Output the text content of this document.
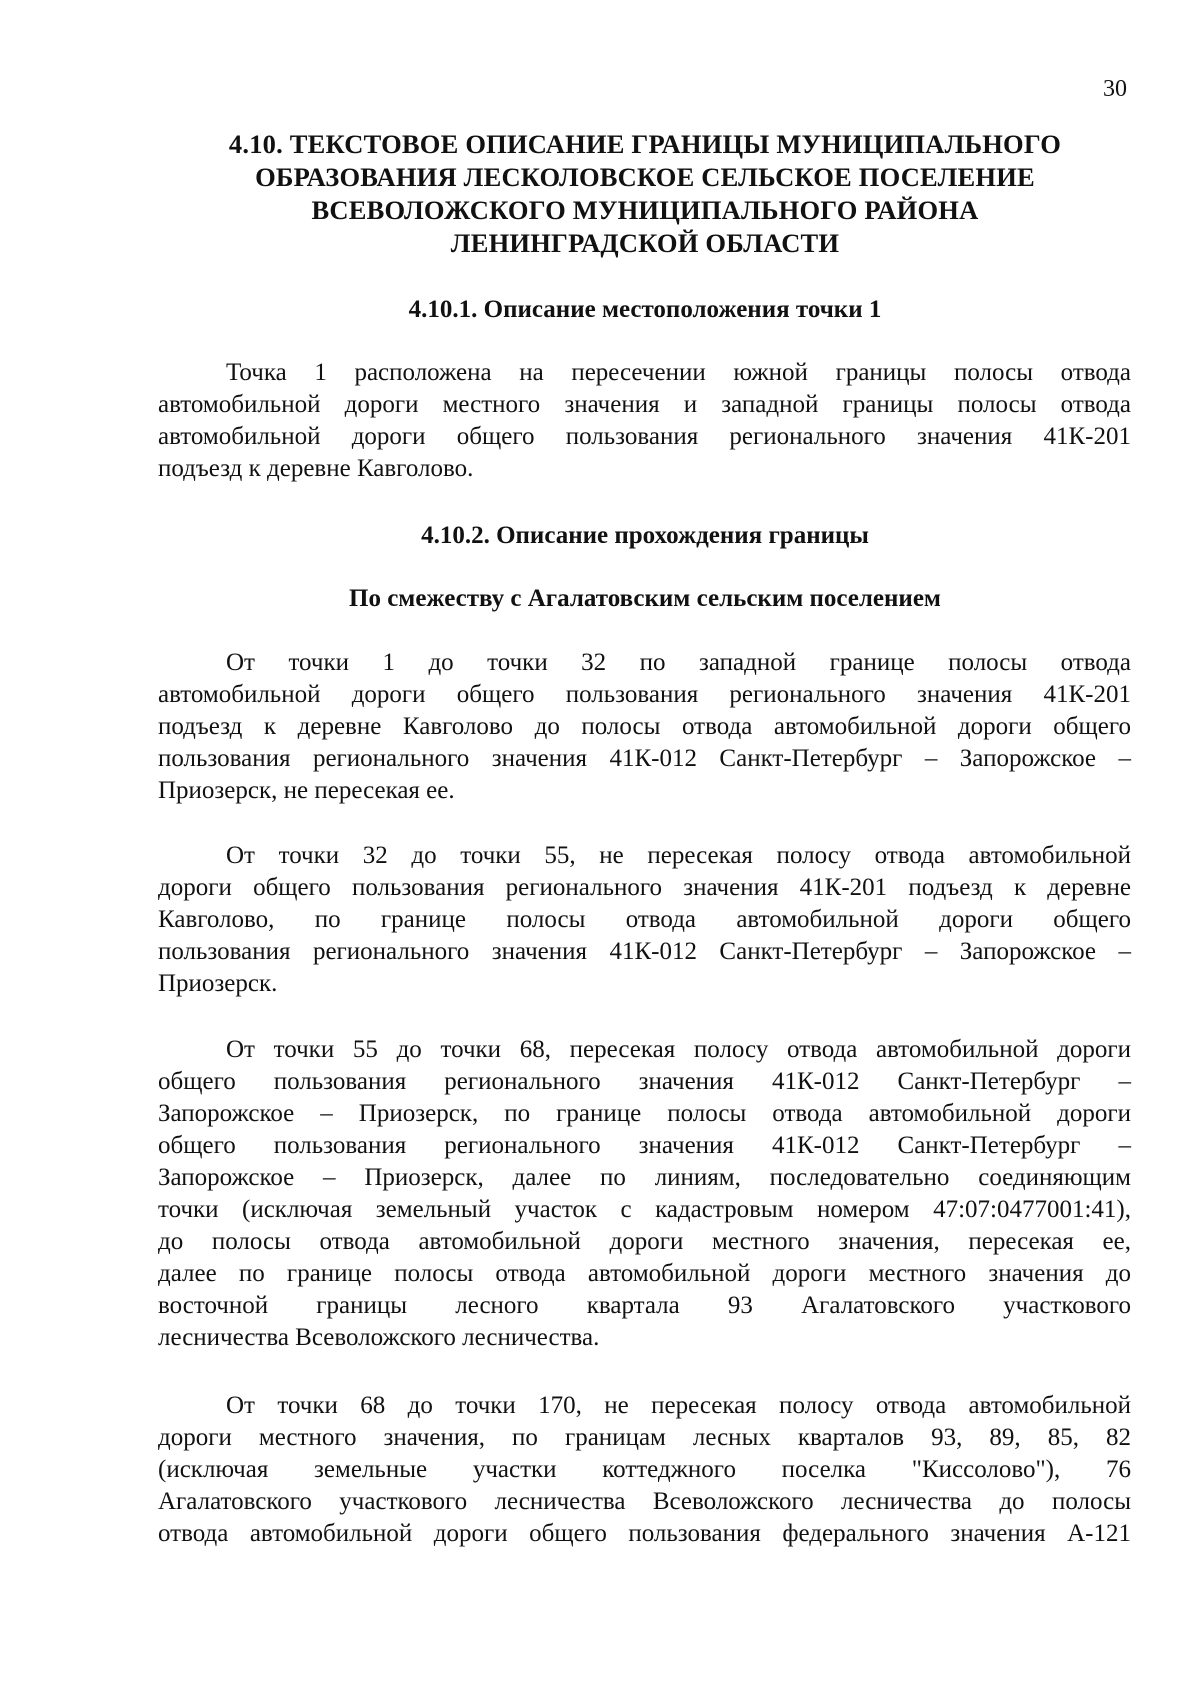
30
4.10. ТЕКСТОВОЕ ОПИСАНИЕ ГРАНИЦЫ МУНИЦИПАЛЬНОГО
ОБРАЗОВАНИЯ ЛЕСКОЛОВСКОЕ СЕЛЬСКОЕ ПОСЕЛЕНИЕ
ВСЕВОЛОЖСКОГО МУНИЦИПАЛЬНОГО РАЙОНА
ЛЕНИНГРАДСКОЙ ОБЛАСТИ
4.10.1. Описание местоположения точки 1
Точка 1 расположена на пересечении южной границы полосы отвода
автомобильной дороги местного значения и западной границы полосы отвода
автомобильной дороги общего пользования регионального значения 41К-201
подъезд к деревне Кавголово.
4.10.2. Описание прохождения границы
По смежеству с Агалатовским сельским поселением
От точки 1 до точки 32 по западной границе полосы отвода
автомобильной дороги общего пользования регионального значения 41К-201
подъезд к деревне Кавголово до полосы отвода автомобильной дороги общего
пользования регионального значения 41К-012 Санкт-Петербург – Запорожское –
Приозерск, не пересекая ее.
От точки 32 до точки 55, не пересекая полосу отвода автомобильной
дороги общего пользования регионального значения 41К-201 подъезд к деревне
Кавголово, по границе полосы отвода автомобильной дороги общего
пользования регионального значения 41К-012 Санкт-Петербург – Запорожское –
Приозерск.
От точки 55 до точки 68, пересекая полосу отвода автомобильной дороги
общего пользования регионального значения 41К-012 Санкт-Петербург –
Запорожское – Приозерск, по границе полосы отвода автомобильной дороги
общего пользования регионального значения 41К-012 Санкт-Петербург –
Запорожское – Приозерск, далее по линиям, последовательно соединяющим
точки (исключая земельный участок с кадастровым номером 47:07:0477001:41),
до полосы отвода автомобильной дороги местного значения, пересекая ее,
далее по границе полосы отвода автомобильной дороги местного значения до
восточной границы лесного квартала 93 Агалатовского участкового
лесничества Всеволожского лесничества.
От точки 68 до точки 170, не пересекая полосу отвода автомобильной
дороги местного значения, по границам лесных кварталов 93, 89, 85, 82
(исключая земельные участки коттеджного поселка "Киссолово"), 76
Агалатовского участкового лесничества Всеволожского лесничества до полосы
отвода автомобильной дороги общего пользования федерального значения А-121
